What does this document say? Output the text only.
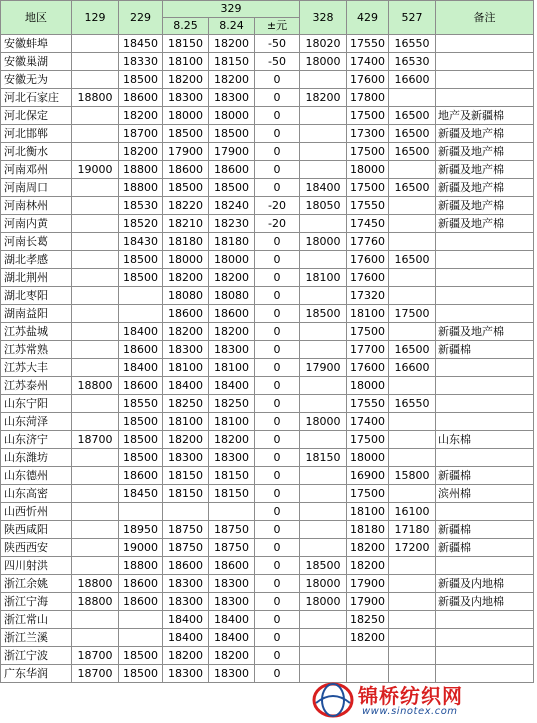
地区	129	229	329			328	429	527	备注
			8.25	8.24	±元				
安徽蚌埠		18450	18150	18200	-50	18020	17550	16550	
安徽巢湖		18330	18100	18150	-50	18000	17400	16530	
安徽无为		18500	18200	18200	0		17600	16600	
河北石家庄	18800	18600	18300	18300	0	18200	17800		
河北保定		18200	18000	18000	0		17500	16500	地产及新疆棉
河北邯郸		18700	18500	18500	0		17300	16500	新疆及地产棉
河北衡水		18200	17900	17900	0		17500	16500	新疆及地产棉
河南邓州	19000	18800	18600	18600	0		18000		新疆及地产棉
河南周口		18800	18500	18500	0	18400	17500	16500	新疆及地产棉
河南林州		18530	18220	18240	-20	18050	17550		新疆及地产棉
河南内黄		18520	18210	18230	-20		17450		新疆及地产棉
河南长葛		18430	18180	18180	0	18000	17760		
湖北孝感		18500	18000	18000	0		17600	16500	
湖北荆州		18500	18200	18200	0	18100	17600		
湖北枣阳			18080	18080	0		17320		
湖南益阳			18600	18600	0	18500	18100	17500	
江苏盐城		18400	18200	18200	0		17500		新疆及地产棉
江苏常熟		18600	18300	18300	0		17700	16500	新疆棉
江苏大丰		18400	18100	18100	0	17900	17600	16600	
江苏泰州	18800	18600	18400	18400	0		18000		
山东宁阳		18550	18250	18250	0		17550	16550	
山东菏泽		18500	18100	18100	0	18000	17400		
山东济宁	18700	18500	18200	18200	0		17500		山东棉
山东潍坊		18500	18300	18300	0	18150	18000		
山东德州		18600	18150	18150	0		16900	15800	新疆棉
山东高密		18450	18150	18150	0		17500		滨州棉
山西忻州					0		18100	16100	
陕西咸阳		18950	18750	18750	0		18180	17180	新疆棉
陕西西安		19000	18750	18750	0		18200	17200	新疆棉
四川射洪		18800	18600	18600	0	18500	18200		
浙江余姚	18800	18600	18300	18300	0	18000	17900		新疆及内地棉
浙江宁海	18800	18600	18300	18300	0	18000	17900		新疆及内地棉
浙江常山			18400	18400	0		18250		
浙江兰溪			18400	18400	0		18200		
浙江宁波	18700	18500	18200	18200	0				
广东华润	18700	18500	18300	18300	0				
锦桥纺织网
www.sinotex.com
